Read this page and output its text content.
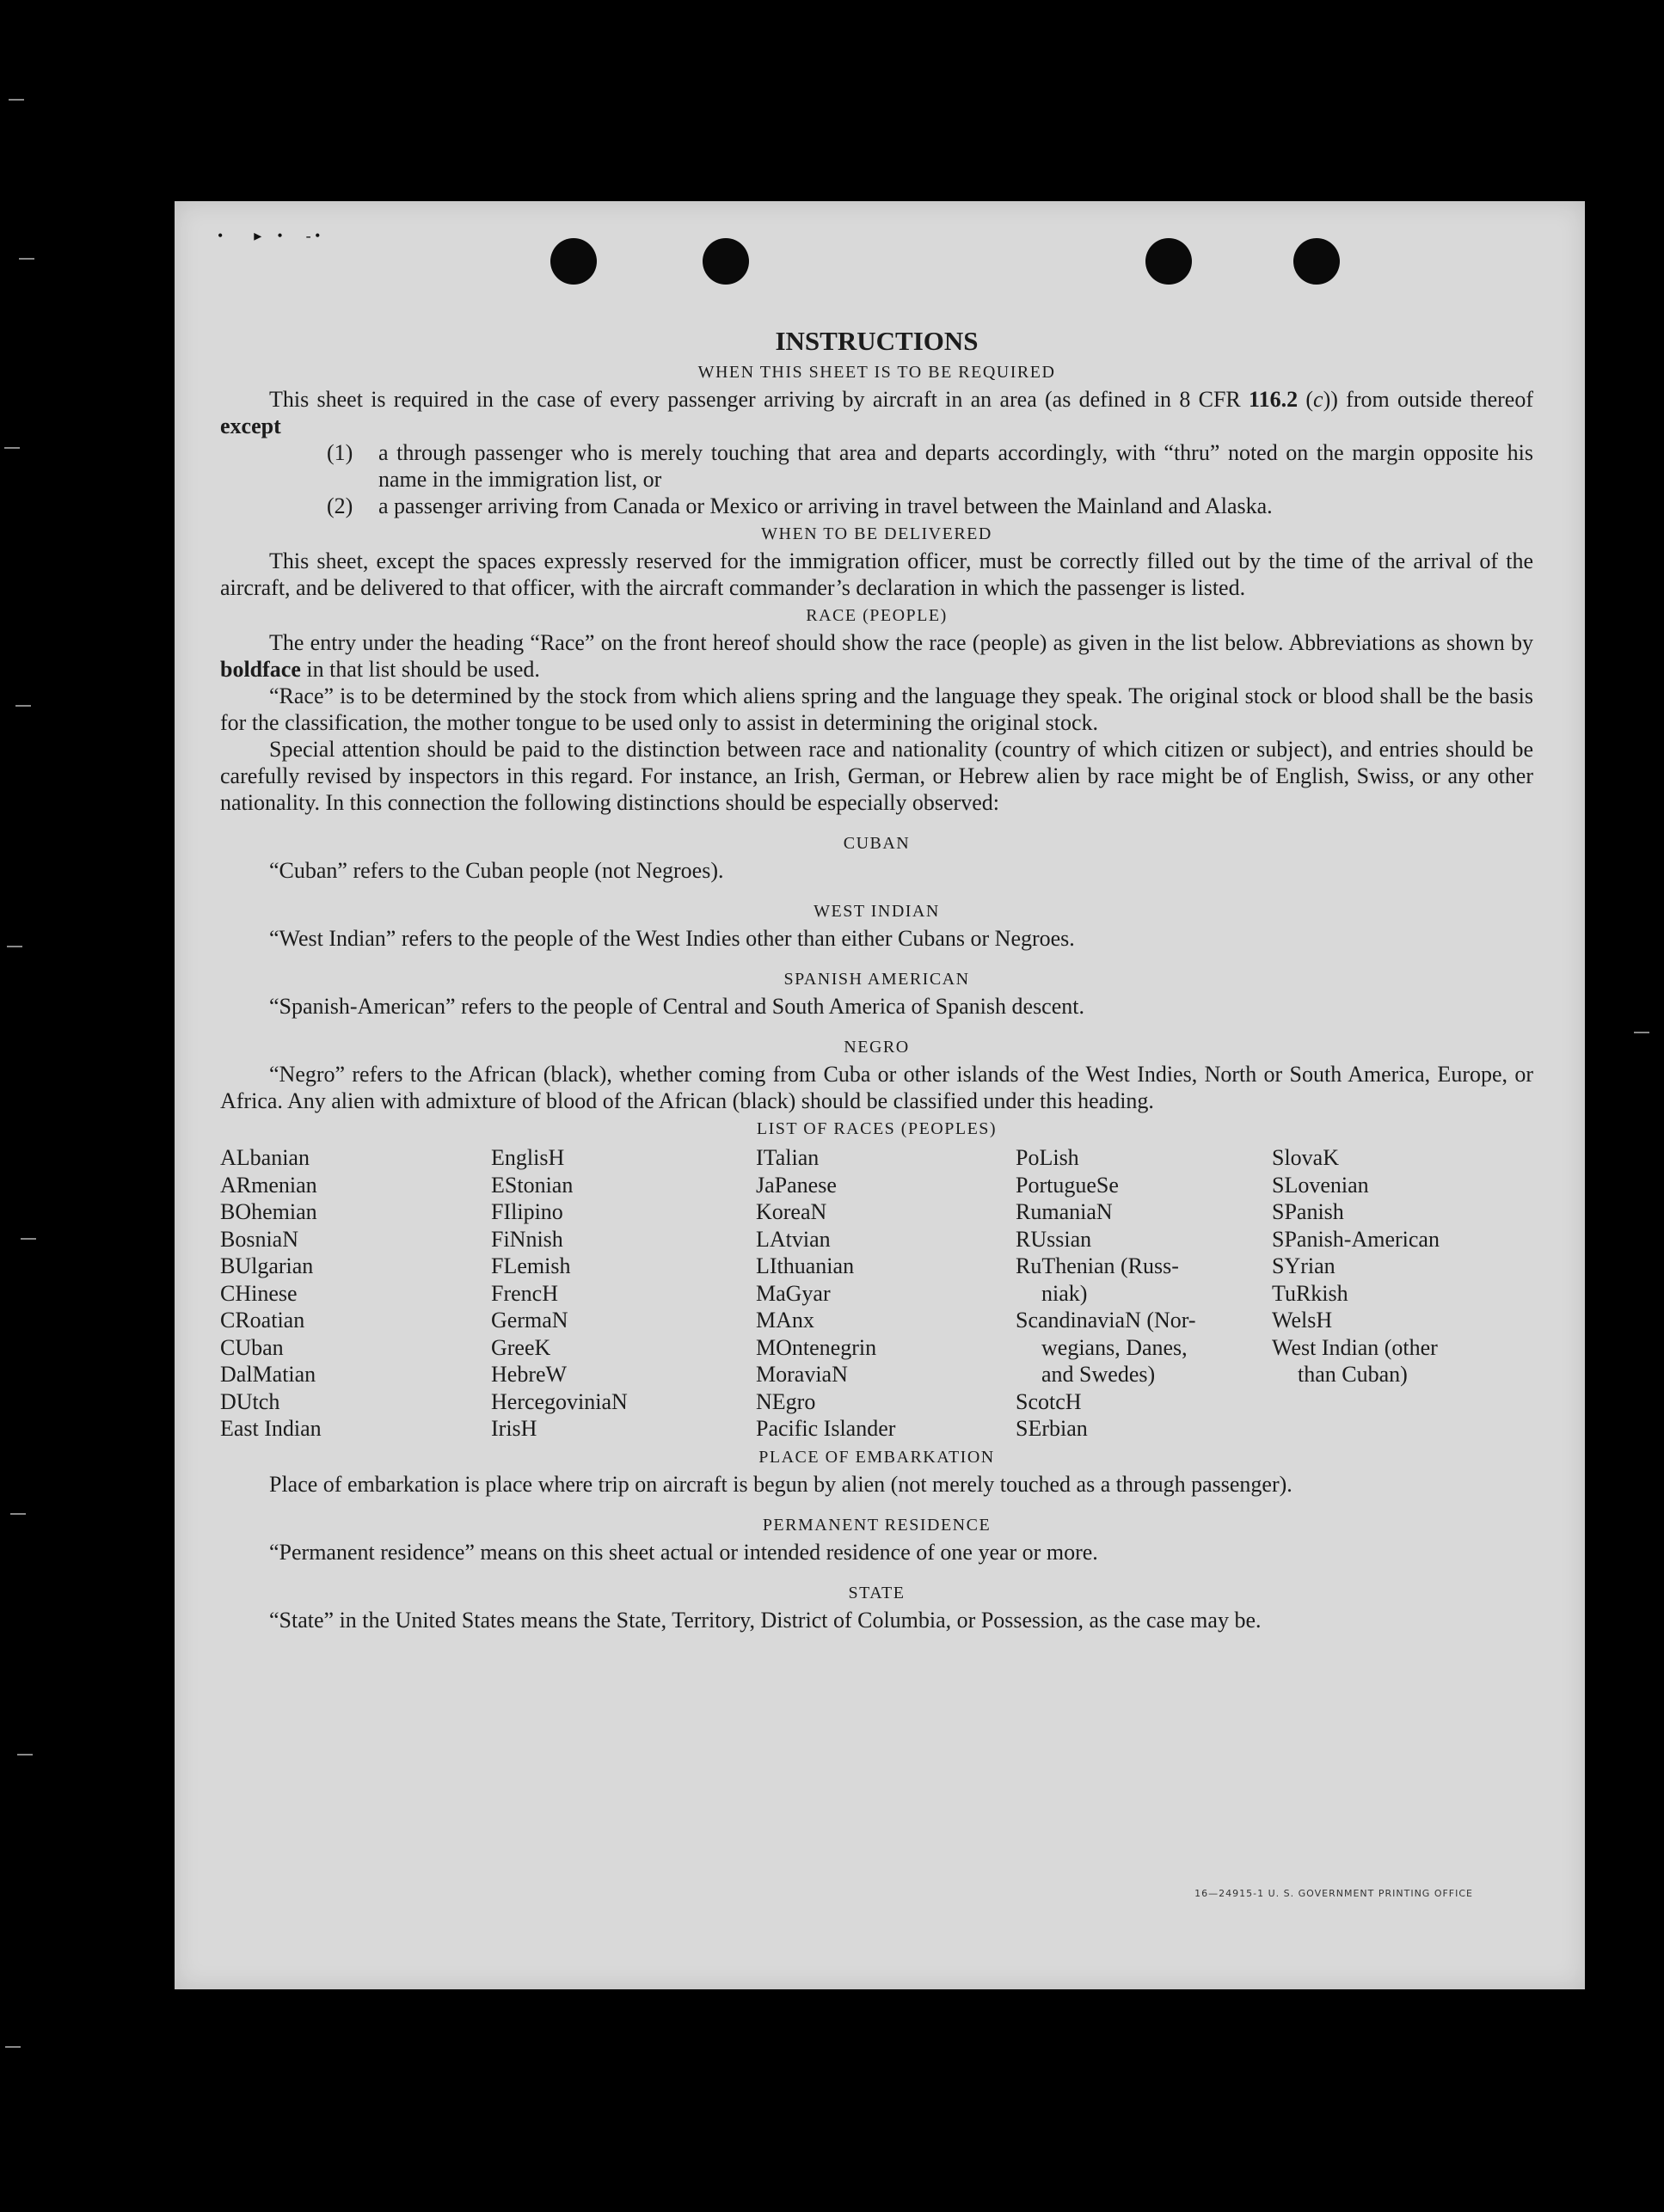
•        ▸    •      - •
INSTRUCTIONS
WHEN THIS SHEET IS TO BE REQUIRED

This sheet is required in the case of every passenger arriving by aircraft in an area (as defined in 8 CFR 116.2 (c)) from outside thereof except

(1)	a through passenger who is merely touching that area and departs accordingly, with “thru” noted on the margin opposite his name in the immigration list, or
(2)	a passenger arriving from Canada or Mexico or arriving in travel between the Mainland and Alaska.
WHEN TO BE DELIVERED

This sheet, except the spaces expressly reserved for the immigration officer, must be correctly filled out by the time of the arrival of the aircraft, and be delivered to that officer, with the aircraft commander’s declaration in which the passenger is listed.

RACE (PEOPLE)

The entry under the heading “Race” on the front hereof should show the race (people) as given in the list below. Abbreviations as shown by boldface in that list should be used.

“Race” is to be determined by the stock from which aliens spring and the language they speak. The original stock or blood shall be the basis for the classification, the mother tongue to be used only to assist in determining the original stock.

Special attention should be paid to the distinction between race and nationality (country of which citizen or subject), and entries should be carefully revised by inspectors in this regard. For instance, an Irish, German, or Hebrew alien by race might be of English, Swiss, or any other nationality. In this connection the following distinctions should be especially observed:

CUBAN

“Cuban” refers to the Cuban people (not Negroes).

WEST INDIAN

“West Indian” refers to the people of the West Indies other than either Cubans or Negroes.

SPANISH AMERICAN

“Spanish-American” refers to the people of Central and South America of Spanish descent.

NEGRO

“Negro” refers to the African (black), whether coming from Cuba or other islands of the West Indies, North or South America, Europe, or Africa. Any alien with admixture of blood of the African (black) should be classified under this heading.

LIST OF RACES (PEOPLES)
ALbanian
ARmenian
BOhemian
BosniaN
BUlgarian
CHinese
CRoatian
CUban
DalMatian
DUtch
East Indian
EnglisH
EStonian
FIlipino
FiNnish
FLemish
FrencH
GermaN
GreeK
HebreW
HercegoviniaN
IrisH
ITalian
JaPanese
KoreaN
LAtvian
LIthuanian
MaGyar
MAnx
MOntenegrin
MoraviaN
NEgro
Pacific Islander
PoLish
PortugueSe
RumaniaN
RUssian
RuThenian (Russ-
niak)
ScandinaviaN (Nor-
wegians, Danes,
and Swedes)
ScotcH
SErbian
SlovaK
SLovenian
SPanish
SPanish-American
SYrian
TuRkish
WelsH
West Indian (other
than Cuban)
PLACE OF EMBARKATION

Place of embarkation is place where trip on aircraft is begun by alien (not merely touched as a through passenger).

PERMANENT RESIDENCE

“Permanent residence” means on this sheet actual or intended residence of one year or more.

STATE

“State” in the United States means the State, Territory, District of Columbia, or Possession, as the case may be.

16—24915-1 U. S. GOVERNMENT PRINTING OFFICE
